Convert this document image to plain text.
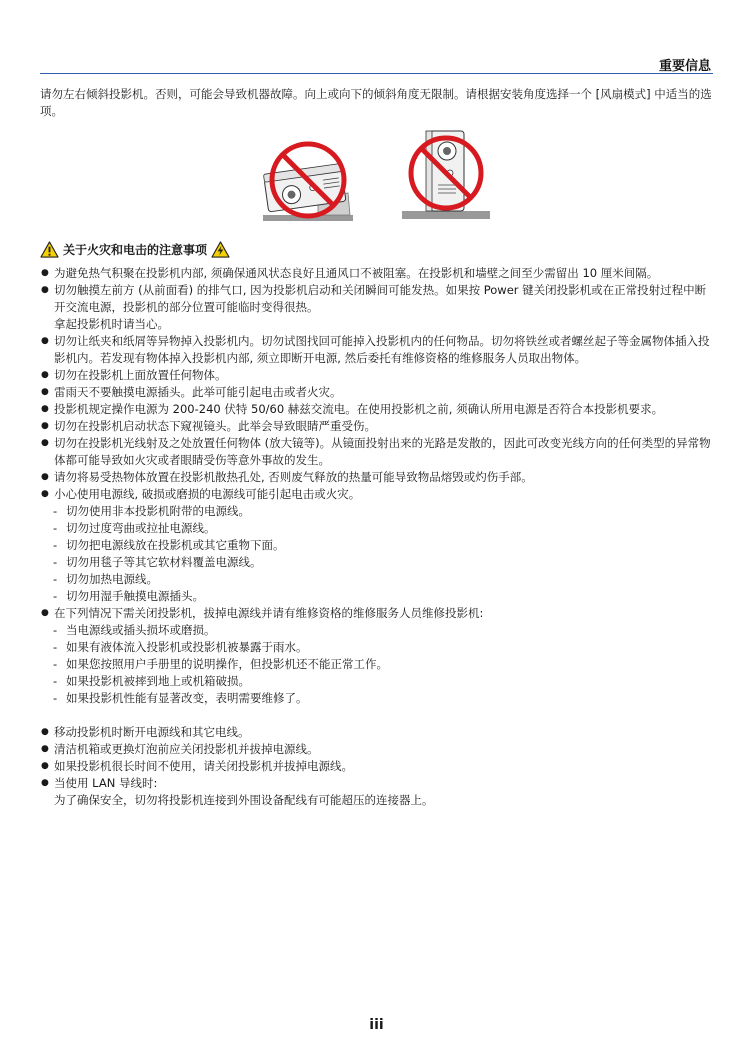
重要信息
请勿左右倾斜投影机。否则，可能会导致机器故障。向上或向下的倾斜角度无限制。请根据安装角度选择一个 [风扇模式] 中适当的选项。
关于火灾和电击的注意事项
● 为避免热气积聚在投影机内部, 须确保通风状态良好且通风口不被阻塞。在投影机和墙壁之间至少需留出 10 厘米间隔。
● 切勿触摸左前方 (从前面看) 的排气口, 因为投影机启动和关闭瞬间可能发热。如果按 Power 键关闭投影机或在正常投射过程中断开交流电源，投影机的部分位置可能临时变得很热。
拿起投影机时请当心。
● 切勿让纸夹和纸屑等异物掉入投影机内。切勿试图找回可能掉入投影机内的任何物品。切勿将铁丝或者螺丝起子等金属物体插入投影机内。若发现有物体掉入投影机内部, 须立即断开电源, 然后委托有维修资格的维修服务人员取出物体。
● 切勿在投影机上面放置任何物体。
● 雷雨天不要触摸电源插头。此举可能引起电击或者火灾。
● 投影机规定操作电源为 200-240 伏特 50/60 赫兹交流电。在使用投影机之前, 须确认所用电源是否符合本投影机要求。
● 切勿在投影机启动状态下窥视镜头。此举会导致眼睛严重受伤。
● 切勿在投影机光线射及之处放置任何物体 (放大镜等)。从镜面投射出来的光路是发散的，因此可改变光线方向的任何类型的异常物体都可能导致如火灾或者眼睛受伤等意外事故的发生。
● 请勿将易受热物体放置在投影机散热孔处, 否则废气释放的热量可能导致物品熔毁或灼伤手部。
● 小心使用电源线, 破损或磨损的电源线可能引起电击或火灾。
- 切勿使用非本投影机附带的电源线。
- 切勿过度弯曲或拉扯电源线。
- 切勿把电源线放在投影机或其它重物下面。
- 切勿用毯子等其它软材料覆盖电源线。
- 切勿加热电源线。
- 切勿用湿手触摸电源插头。
● 在下列情况下需关闭投影机，拔掉电源线并请有维修资格的维修服务人员维修投影机:
- 当电源线或插头损坏或磨损。
- 如果有液体流入投影机或投影机被暴露于雨水。
- 如果您按照用户手册里的说明操作，但投影机还不能正常工作。
- 如果投影机被摔到地上或机箱破损。
- 如果投影机性能有显著改变，表明需要维修了。
● 移动投影机时断开电源线和其它电线。
● 清洁机箱或更换灯泡前应关闭投影机并拔掉电源线。
● 如果投影机很长时间不使用，请关闭投影机并拔掉电源线。
● 当使用 LAN 导线时:
为了确保安全，切勿将投影机连接到外围设备配线有可能超压的连接器上。
iii
